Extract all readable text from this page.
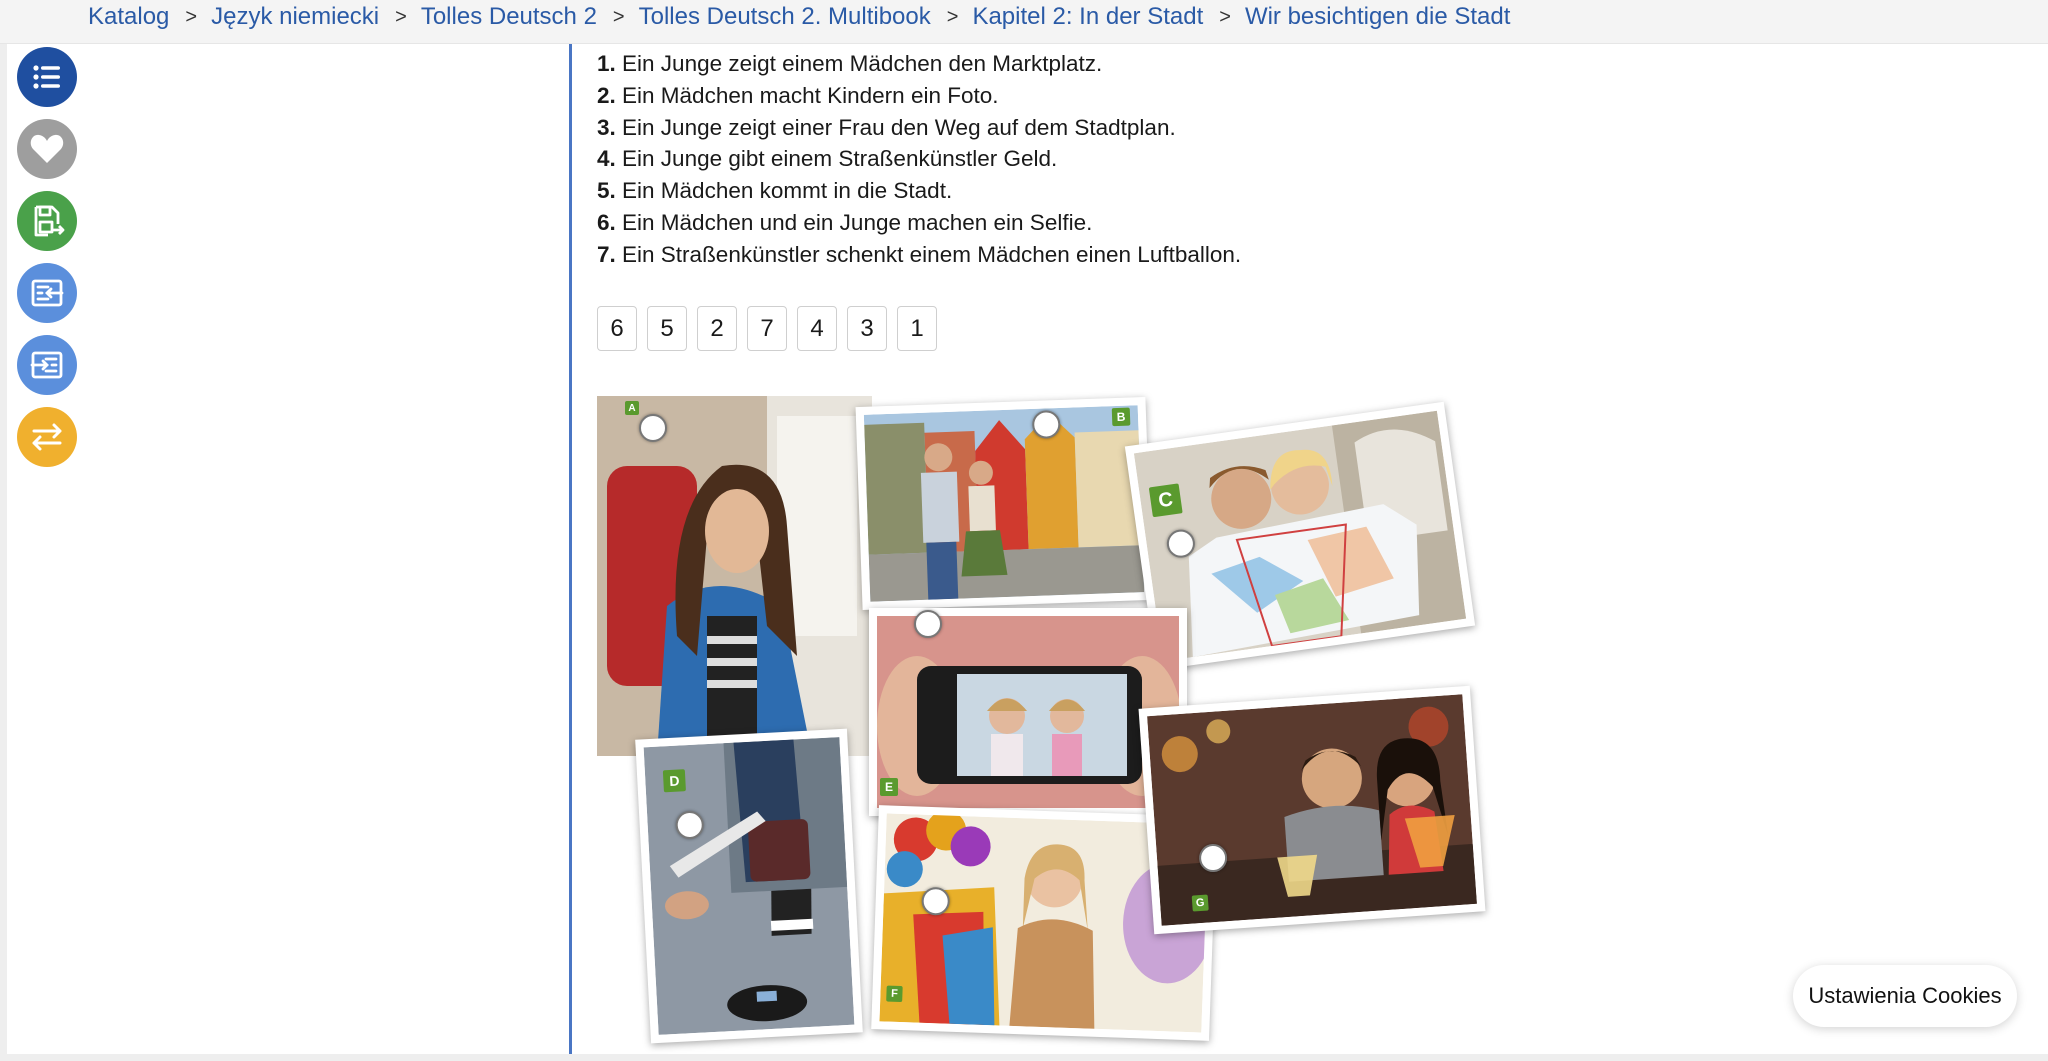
Katalog > Język niemiecki > Tolles Deutsch 2 > Tolles Deutsch 2. Multibook > Kapitel 2: In der Stadt > Wir besichtigen die Stadt
1. Ein Junge zeigt einem Mädchen den Marktplatz.
2. Ein Mädchen macht Kindern ein Foto.
3. Ein Junge zeigt einer Frau den Weg auf dem Stadtplan.
4. Ein Junge gibt einem Straßenkünstler Geld.
5. Ein Mädchen kommt in die Stadt.
6. Ein Mädchen und ein Junge machen ein Selfie.
7. Ein Straßenkünstler schenkt einem Mädchen einen Luftballon.
6	5	2	7	4	3	1
A
B
C
E
D
F
G
Ustawienia Cookies
